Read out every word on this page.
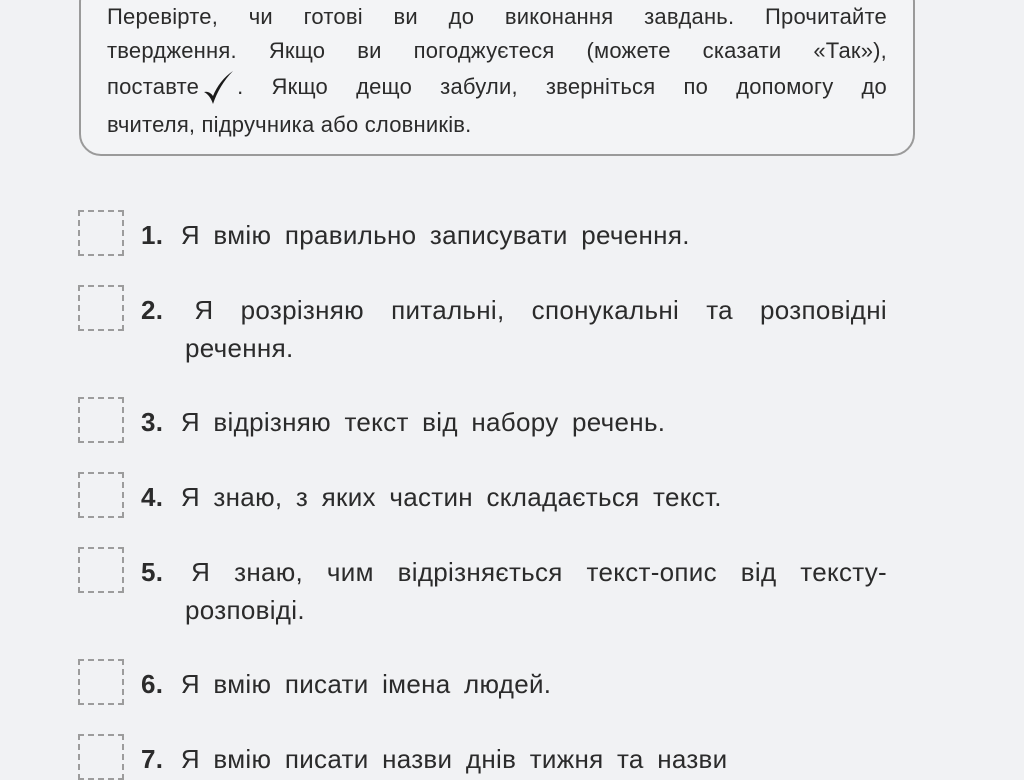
Перевірте, чи готові ви до виконання завдань. Прочитайте
твердження. Якщо ви погоджуєтеся (можете сказати «Так»),
поставте . Якщо дещо забули, зверніться по допомогу до
вчителя, підручника або словників.

1. Я вмію правильно записувати речення.

2. Я розрізняю питальні, спонукальні та розповідні
речення.

3. Я відрізняю текст від набору речень.

4. Я знаю, з яких частин складається текст.

5. Я знаю, чим відрізняється текст-опис від тексту-
розповіді.

6. Я вмію писати імена людей.

7. Я вмію писати назви днів тижня та назви
